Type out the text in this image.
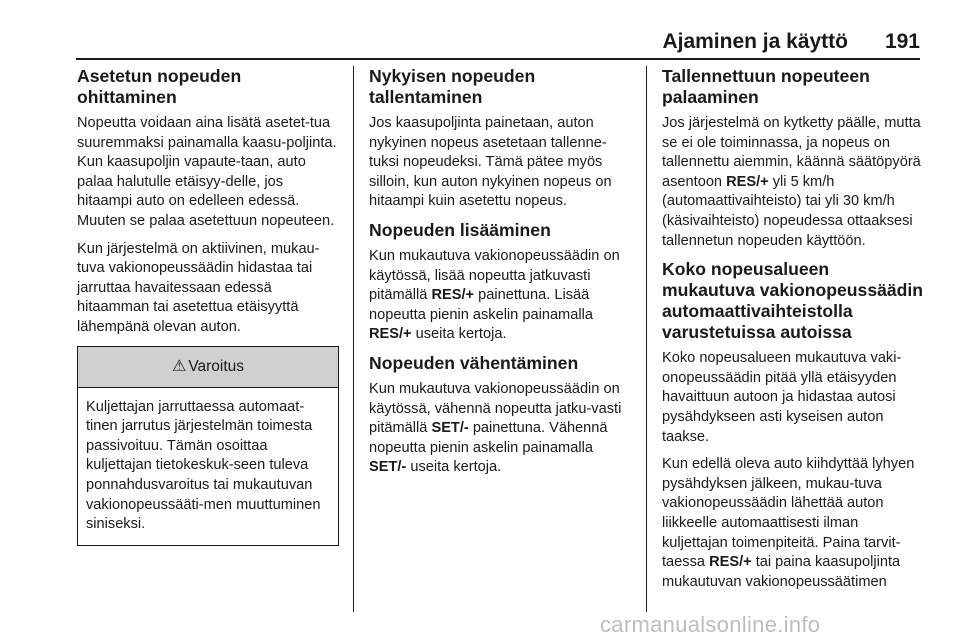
Ajaminen ja käyttö 191
Asetetun nopeuden ohittaminen

Nopeutta voidaan aina lisätä asetet-tua suuremmaksi painamalla kaasu-poljinta. Kun kaasupoljin vapaute-taan, auto palaa halutulle etäisyy-delle, jos hitaampi auto on edelleen edessä. Muuten se palaa asetettuun nopeuteen.

Kun järjestelmä on aktiivinen, mukau-tuva vakionopeussäädin hidastaa tai jarruttaa havaitessaan edessä hitaamman tai asetettua etäisyyttä lähempänä olevan auton.

⚠ Varoitus
Kuljettajan jarruttaessa automaat-tinen jarrutus järjestelmän toimesta passivoituu. Tämän osoittaa kuljettajan tietokeskuk-seen tuleva ponnahdusvaroitus tai mukautuvan vakionopeussääti-men muuttuminen siniseksi.
Nykyisen nopeuden tallentaminen

Jos kaasupoljinta painetaan, auton nykyinen nopeus asetetaan tallenne-tuksi nopeudeksi. Tämä pätee myös silloin, kun auton nykyinen nopeus on hitaampi kuin asetettu nopeus.

Nopeuden lisääminen

Kun mukautuva vakionopeussäädin on käytössä, lisää nopeutta jatkuvasti pitämällä RES/+ painettuna. Lisää nopeutta pienin askelin painamalla RES/+ useita kertoja.

Nopeuden vähentäminen

Kun mukautuva vakionopeussäädin on käytössä, vähennä nopeutta jatku-vasti pitämällä SET/- painettuna. Vähennä nopeutta pienin askelin painamalla SET/- useita kertoja.

Tallennettuun nopeuteen palaaminen

Jos järjestelmä on kytketty päälle, mutta se ei ole toiminnassa, ja nopeus on tallennettu aiemmin, käännä säätöpyörä asentoon RES/+ yli 5 km/h (automaattivaihteisto) tai yli 30 km/h (käsivaihteisto) nopeudessa ottaaksesi tallennetun nopeuden käyttöön.

Koko nopeusalueen mukautuva vakionopeussäädin automaattivaihteistolla varustetuissa autoissa

Koko nopeusalueen mukautuva vaki-onopeussäädin pitää yllä etäisyyden havaittuun autoon ja hidastaa autosi pysähdykseen asti kyseisen auton taakse.

Kun edellä oleva auto kiihdyttää lyhyen pysähdyksen jälkeen, mukau-tuva vakionopeussäädin lähettää auton liikkeelle automaattisesti ilman kuljettajan toimenpiteitä. Paina tarvit-taessa RES/+ tai paina kaasupoljinta mukautuvan vakionopeussäätimen

carmanualsonline.info
